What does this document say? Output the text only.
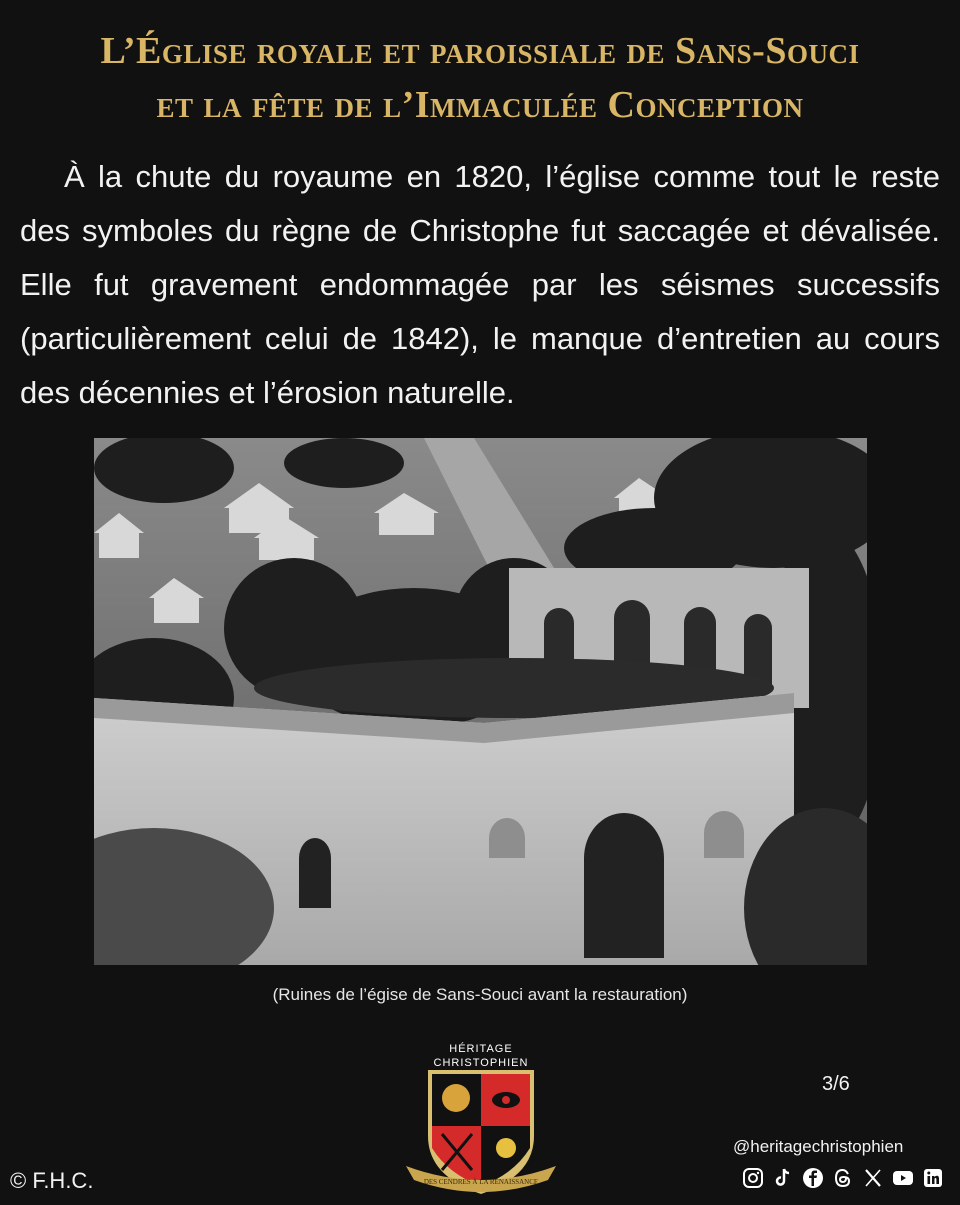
L’Église royale et paroissiale de Sans-Souci
et la fête de l’Immaculée Conception
À la chute du royaume en 1820, l’église comme tout le reste des symboles du règne de Christophe fut saccagée et dévalisée. Elle fut gravement endommagée par les séismes successifs (particulièrement celui de 1842), le manque d’entretien au cours des décennies et l’érosion naturelle.
(Ruines de l’égise de Sans-Souci avant la restauration)
HÉRITAGE
CHRISTOPHIEN
DES CENDRES À LA RENAISSANCE
3/6
@heritagechristophien
© F.H.C.
